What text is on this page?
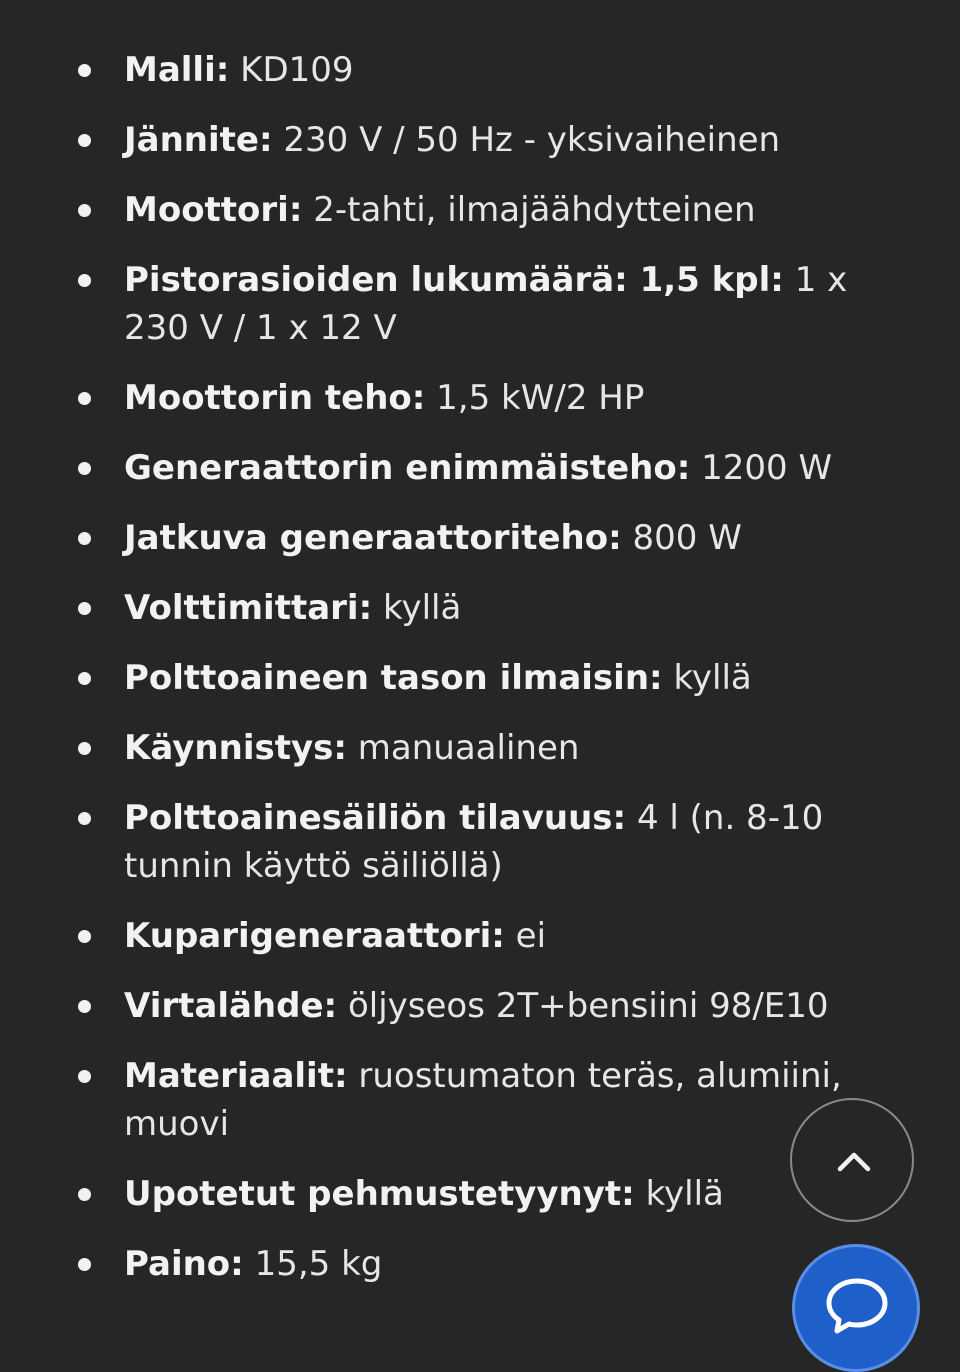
Malli: KD109
Jännite: 230 V / 50 Hz - yksivaiheinen
Moottori: 2-tahti, ilmajäähdytteinen
Pistorasioiden lukumäärä: 1,5 kpl: 1 x 230 V / 1 x 12 V
Moottorin teho: 1,5 kW/2 HP
Generaattorin enimmäisteho: 1200 W
Jatkuva generaattoriteho: 800 W
Volttimittari: kyllä
Polttoaineen tason ilmaisin: kyllä
Käynnistys: manuaalinen
Polttoainesäiliön tilavuus: 4 l (n. 8-10 tunnin käyttö säiliöllä)
Kuparigeneraattori: ei
Virtalähde: öljyseos 2T+bensiini 98/E10
Materiaalit: ruostumaton teräs, alumiini, muovi
Upotetut pehmustetyynyt: kyllä
Paino: 15,5 kg
